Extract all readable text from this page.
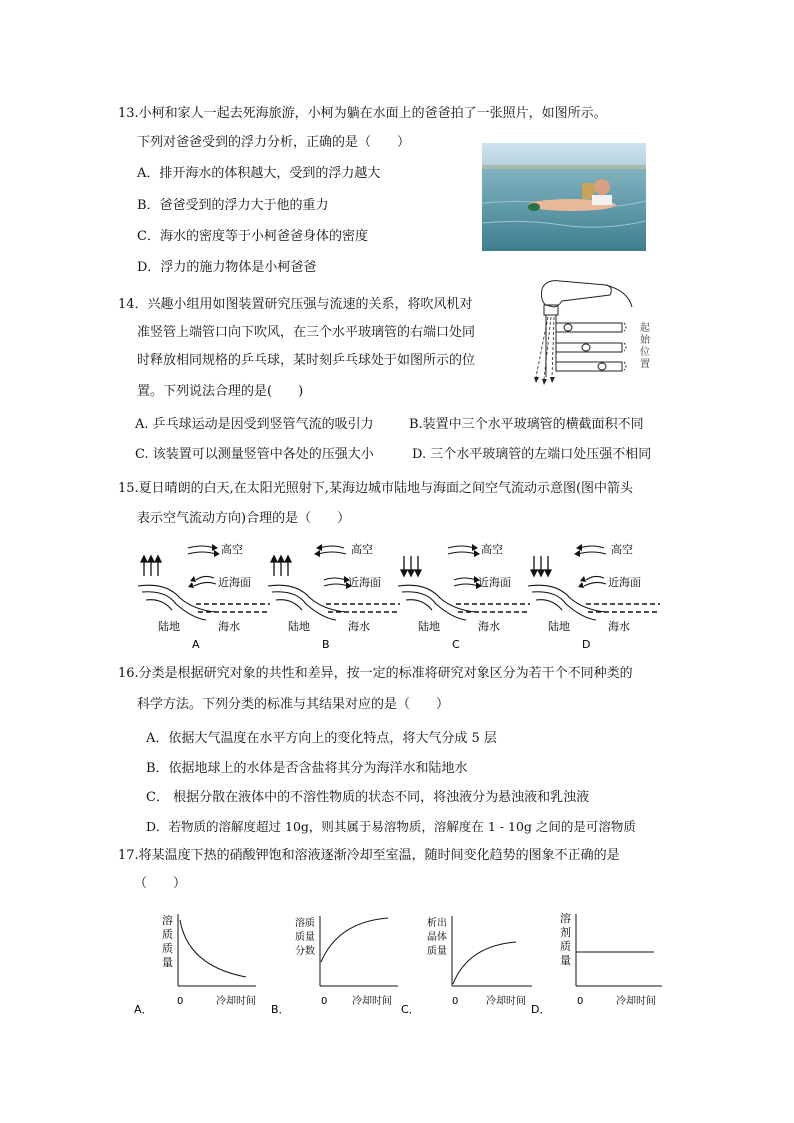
13.小柯和家人一起去死海旅游，小柯为躺在水面上的爸爸拍了一张照片，如图所示。
下列对爸爸受到的浮力分析，正确的是（　　）
A．排开海水的体积越大，受到的浮力越大
B．爸爸受到的浮力大于他的重力
C．海水的密度等于小柯爸爸身体的密度
D．浮力的施力物体是小柯爸爸
14．兴趣小组用如图装置研究压强与流速的关系，将吹风机对
准竖管上端管口向下吹风，在三个水平玻璃管的右端口处同
时释放相同规格的乒乓球，某时刻乒乓球处于如图所示的位
置。下列说法合理的是(　　)
A. 乒乓球运动是因受到竖管气流的吸引力	B.装置中三个水平玻璃管的横截面积不同
C. 该装置可以测量竖管中各处的压强大小	D. 三个水平玻璃管的左端口处压强不相同
起
始
位
置
15.夏日晴朗的白天,在太阳光照射下,某海边城市陆地与海面之间空气流动示意图(图中箭头
表示空气流动方向)合理的是（　　）
高空
近海面
陆地	海水
A
高空
近海面
陆地	海水
B
高空
近海面
陆地	海水
C
高空
近海面
陆地	海水
D
16.分类是根据研究对象的共性和差异，按一定的标准将研究对象区分为若干个不同种类的
科学方法。下列分类的标准与其结果对应的是（　　）
A．依据大气温度在水平方向上的变化特点，将大气分成 5 层
B．依据地球上的水体是否含盐将其分为海洋水和陆地水
C． 根据分散在液体中的不溶性物质的状态不同，将浊液分为悬浊液和乳浊液
D．若物质的溶解度超过 10g，则其属于易溶物质，溶解度在 1 - 10g 之间的是可溶物质
17.将某温度下热的硝酸钾饱和溶液逐渐冷却至室温，随时间变化趋势的图象不正确的是
（　　）
溶
质
质
量
0	冷却时间
A．
溶质
质量
分数
0 冷却时间
B．
析出
晶体
质量
0	冷却时间
C．
溶
剂
质
量
0	冷却时间
D．
